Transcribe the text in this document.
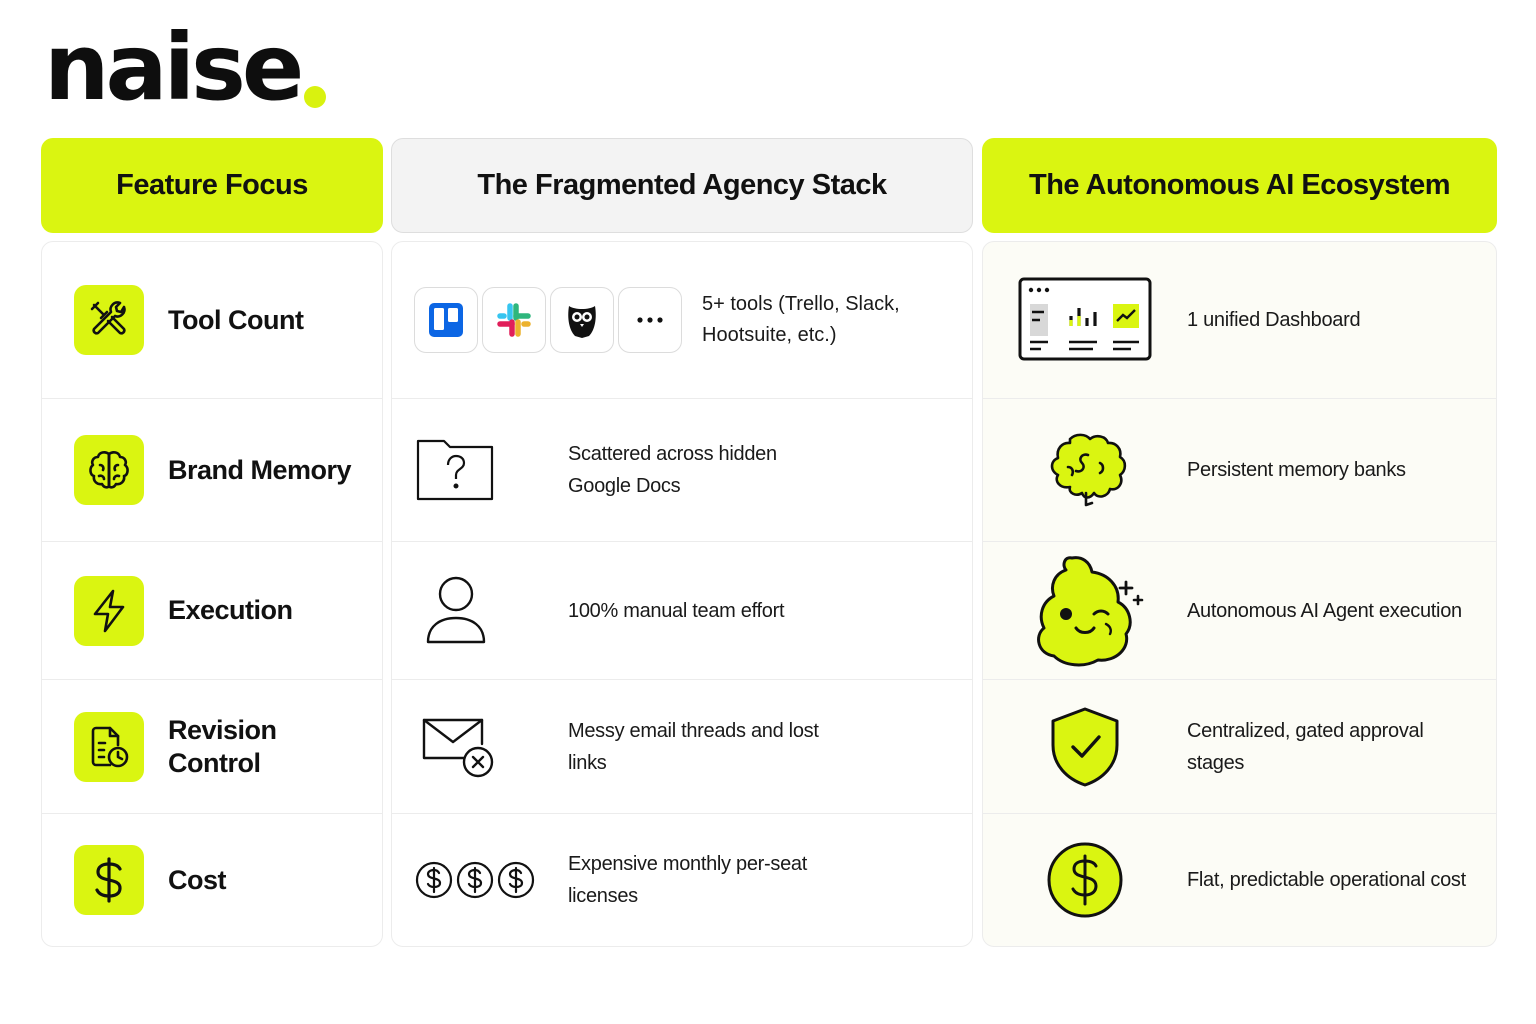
naise
Feature Focus
Tool Count
Brand Memory
Execution
Revision Control
Cost
The Fragmented Agency Stack
5+ tools (Trello, Slack, Hootsuite, etc.)
Scattered across hidden Google Docs
100% manual team effort
Messy email threads and lost links
Expensive monthly per-seat licenses
The Autonomous AI Ecosystem
1 unified Dashboard
Persistent memory banks
Autonomous AI Agent execution
Centralized, gated approval stages
Flat, predictable operational cost
